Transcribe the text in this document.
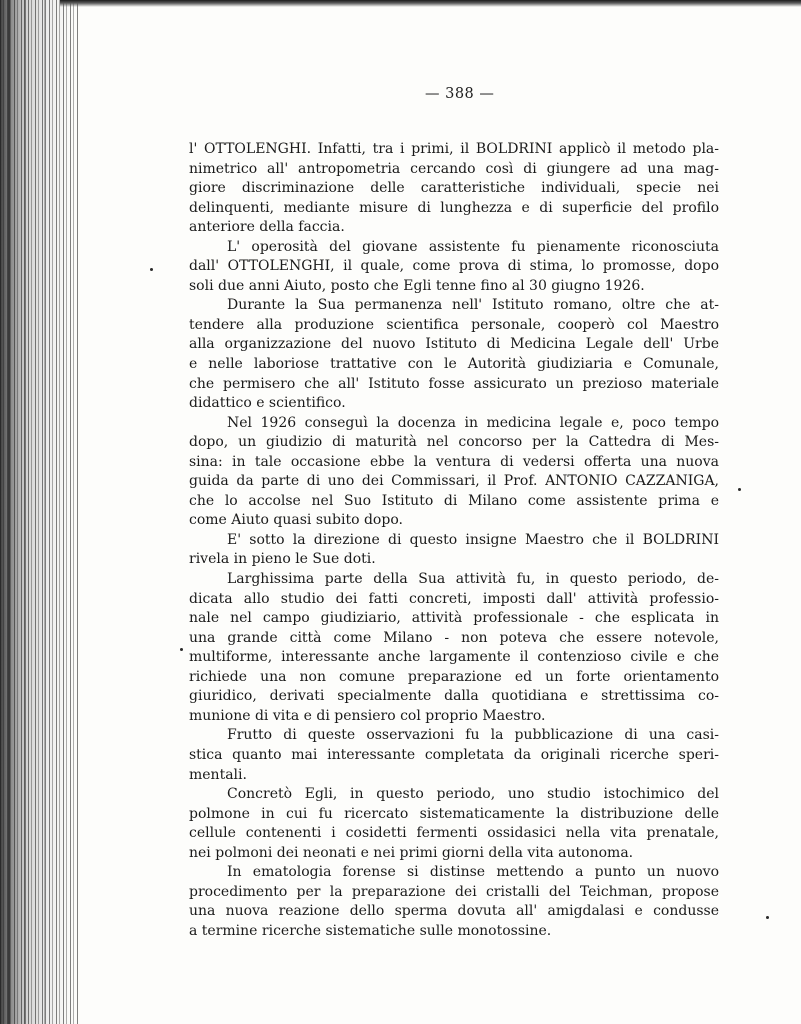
— 388 —
l' OTTOLENGHI. Infatti, tra i primi, il BOLDRINI applicò il metodo pla-
nimetrico all' antropometria cercando così di giungere ad una mag-
giore discriminazione delle caratteristiche individuali, specie nei
delinquenti, mediante misure di lunghezza e di superficie del profilo
anteriore della faccia.
L' operosità del giovane assistente fu pienamente riconosciuta
dall' OTTOLENGHI, il quale, come prova di stima, lo promosse, dopo
soli due anni Aiuto, posto che Egli tenne fino al 30 giugno 1926.
Durante la Sua permanenza nell' Istituto romano, oltre che at-
tendere alla produzione scientifica personale, cooperò col Maestro
alla organizzazione del nuovo Istituto di Medicina Legale dell' Urbe
e nelle laboriose trattative con le Autorità giudiziaria e Comunale,
che permisero che all' Istituto fosse assicurato un prezioso materiale
didattico e scientifico.
Nel 1926 conseguì la docenza in medicina legale e, poco tempo
dopo, un giudizio di maturità nel concorso per la Cattedra di Mes-
sina: in tale occasione ebbe la ventura di vedersi offerta una nuova
guida da parte di uno dei Commissari, il Prof. ANTONIO CAZZANIGA,
che lo accolse nel Suo Istituto di Milano come assistente prima e
come Aiuto quasi subito dopo.
E' sotto la direzione di questo insigne Maestro che il BOLDRINI
rivela in pieno le Sue doti.
Larghissima parte della Sua attività fu, in questo periodo, de-
dicata allo studio dei fatti concreti, imposti dall' attività professio-
nale nel campo giudiziario, attività professionale - che esplicata in
una grande città come Milano - non poteva che essere notevole,
multiforme, interessante anche largamente il contenzioso civile e che
richiede una non comune preparazione ed un forte orientamento
giuridico, derivati specialmente dalla quotidiana e strettissima co-
munione di vita e di pensiero col proprio Maestro.
Frutto di queste osservazioni fu la pubblicazione di una casi-
stica quanto mai interessante completata da originali ricerche speri-
mentali.
Concretò Egli, in questo periodo, uno studio istochimico del
polmone in cui fu ricercato sistematicamente la distribuzione delle
cellule contenenti i cosidetti fermenti ossidasici nella vita prenatale,
nei polmoni dei neonati e nei primi giorni della vita autonoma.
In ematologia forense si distinse mettendo a punto un nuovo
procedimento per la preparazione dei cristalli del Teichman, propose
una nuova reazione dello sperma dovuta all' amigdalasi e condusse
a termine ricerche sistematiche sulle monotossine.
